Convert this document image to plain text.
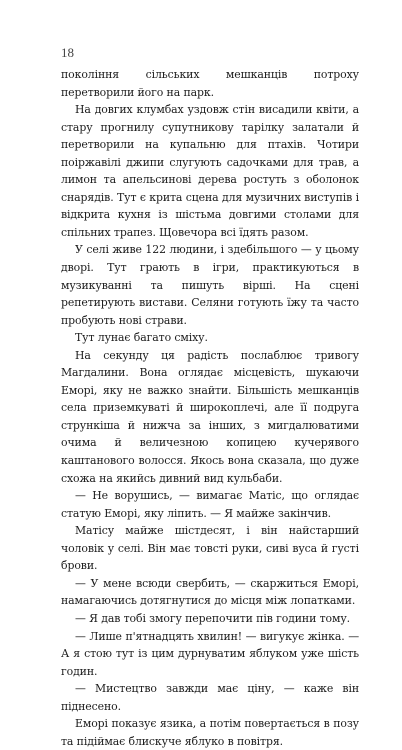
18

покоління сільських мешканців потроху перетворили його на парк.

На довгих клумбах уздовж стін висадили квіти, а стару прогнилу супутникову тарілку залатали й перетворили на купальню для птахів. Чотири поіржавілі джипи слугують садочками для трав, а лимон та апельсинові дерева ростуть з оболонок снарядів. Тут є крита сцена для музичних виступів і відкрита кухня із шістьма довгими столами для спільних трапез. Щовечора всі їдять разом.

У селі живе 122 людини, і здебільшого — у цьому дворі. Тут грають в ігри, практикуються в музикуванні та пишуть вірші. На сцені репетирують вистави. Селяни готують їжу та часто пробують нові страви.

Тут лунає багато сміху.

На секунду ця радість послаблює тривогу Магдалини. Вона оглядає місцевість, шукаючи Еморі, яку не важко знайти. Більшість мешканців села приземкуваті й широкоплечі, але її подруга стрункіша й нижча за інших, з мигдалюватими очима й величезною копицею кучерявого каштанового волосся. Якось вона сказала, що дуже схожа на якийсь дивний вид кульбаби.

— Не ворушись, — вимагає Матіс, що оглядає статую Еморі, яку ліпить. — Я майже закінчив.

Матісу майже шістдесят, і він найстарший чоловік у селі. Він має товсті руки, сиві вуса й густі брови.

— У мене всюди свербить, — скаржиться Еморі, намагаючись дотягнутися до місця між лопатками.

— Я дав тобі змогу перепочити пів години тому.

— Лише п'ятнадцять хвилин! — вигукує жінка. — А я стою тут із цим дурнуватим яблуком уже шість годин.

— Мистецтво завжди має ціну, — каже він піднесено.

Еморі показує язика, а потім повертається в позу та підіймає блискуче яблуко в повітря.
